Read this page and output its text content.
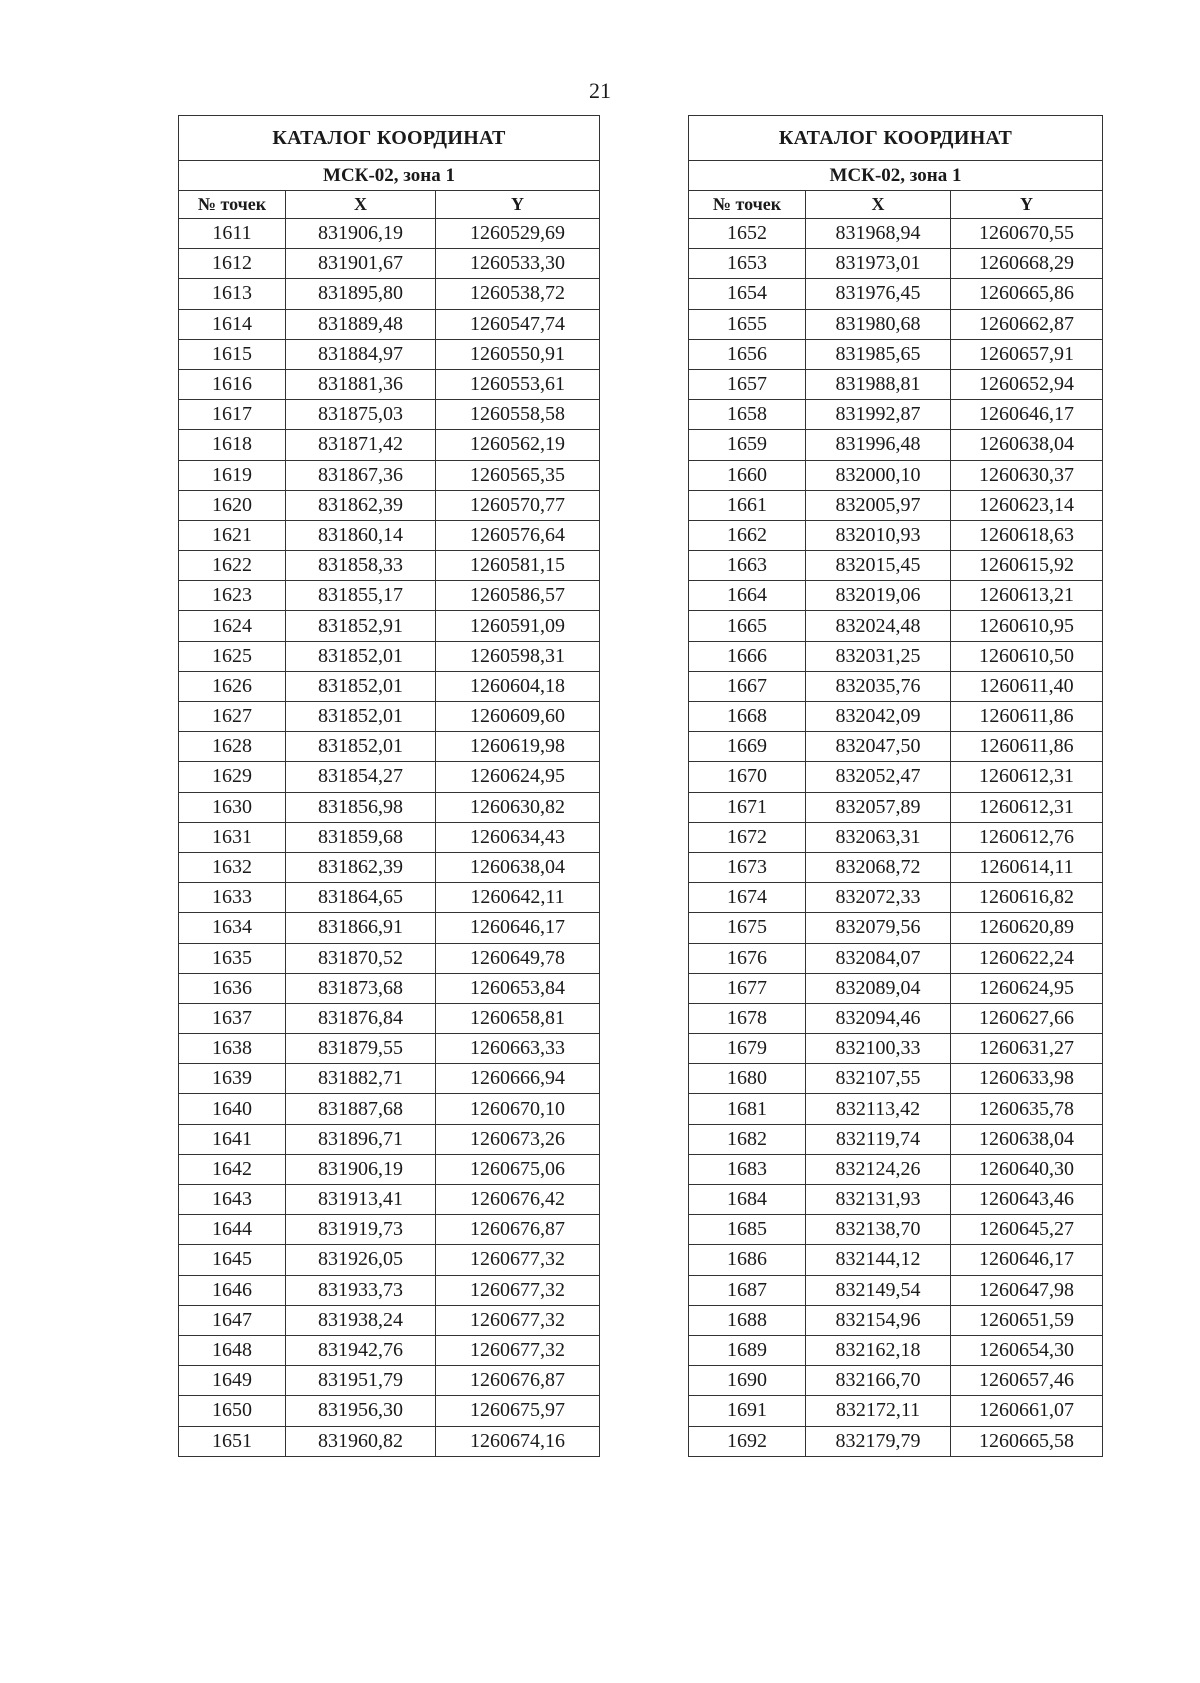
21
КАТАЛОГ КООРДИНАТ		
МСК-02, зона 1		
№ точек	X	Y
1611	831906,19	1260529,69
1612	831901,67	1260533,30
1613	831895,80	1260538,72
1614	831889,48	1260547,74
1615	831884,97	1260550,91
1616	831881,36	1260553,61
1617	831875,03	1260558,58
1618	831871,42	1260562,19
1619	831867,36	1260565,35
1620	831862,39	1260570,77
1621	831860,14	1260576,64
1622	831858,33	1260581,15
1623	831855,17	1260586,57
1624	831852,91	1260591,09
1625	831852,01	1260598,31
1626	831852,01	1260604,18
1627	831852,01	1260609,60
1628	831852,01	1260619,98
1629	831854,27	1260624,95
1630	831856,98	1260630,82
1631	831859,68	1260634,43
1632	831862,39	1260638,04
1633	831864,65	1260642,11
1634	831866,91	1260646,17
1635	831870,52	1260649,78
1636	831873,68	1260653,84
1637	831876,84	1260658,81
1638	831879,55	1260663,33
1639	831882,71	1260666,94
1640	831887,68	1260670,10
1641	831896,71	1260673,26
1642	831906,19	1260675,06
1643	831913,41	1260676,42
1644	831919,73	1260676,87
1645	831926,05	1260677,32
1646	831933,73	1260677,32
1647	831938,24	1260677,32
1648	831942,76	1260677,32
1649	831951,79	1260676,87
1650	831956,30	1260675,97
1651	831960,82	1260674,16
КАТАЛОГ КООРДИНАТ		
МСК-02, зона 1		
№ точек	X	Y
1652	831968,94	1260670,55
1653	831973,01	1260668,29
1654	831976,45	1260665,86
1655	831980,68	1260662,87
1656	831985,65	1260657,91
1657	831988,81	1260652,94
1658	831992,87	1260646,17
1659	831996,48	1260638,04
1660	832000,10	1260630,37
1661	832005,97	1260623,14
1662	832010,93	1260618,63
1663	832015,45	1260615,92
1664	832019,06	1260613,21
1665	832024,48	1260610,95
1666	832031,25	1260610,50
1667	832035,76	1260611,40
1668	832042,09	1260611,86
1669	832047,50	1260611,86
1670	832052,47	1260612,31
1671	832057,89	1260612,31
1672	832063,31	1260612,76
1673	832068,72	1260614,11
1674	832072,33	1260616,82
1675	832079,56	1260620,89
1676	832084,07	1260622,24
1677	832089,04	1260624,95
1678	832094,46	1260627,66
1679	832100,33	1260631,27
1680	832107,55	1260633,98
1681	832113,42	1260635,78
1682	832119,74	1260638,04
1683	832124,26	1260640,30
1684	832131,93	1260643,46
1685	832138,70	1260645,27
1686	832144,12	1260646,17
1687	832149,54	1260647,98
1688	832154,96	1260651,59
1689	832162,18	1260654,30
1690	832166,70	1260657,46
1691	832172,11	1260661,07
1692	832179,79	1260665,58
